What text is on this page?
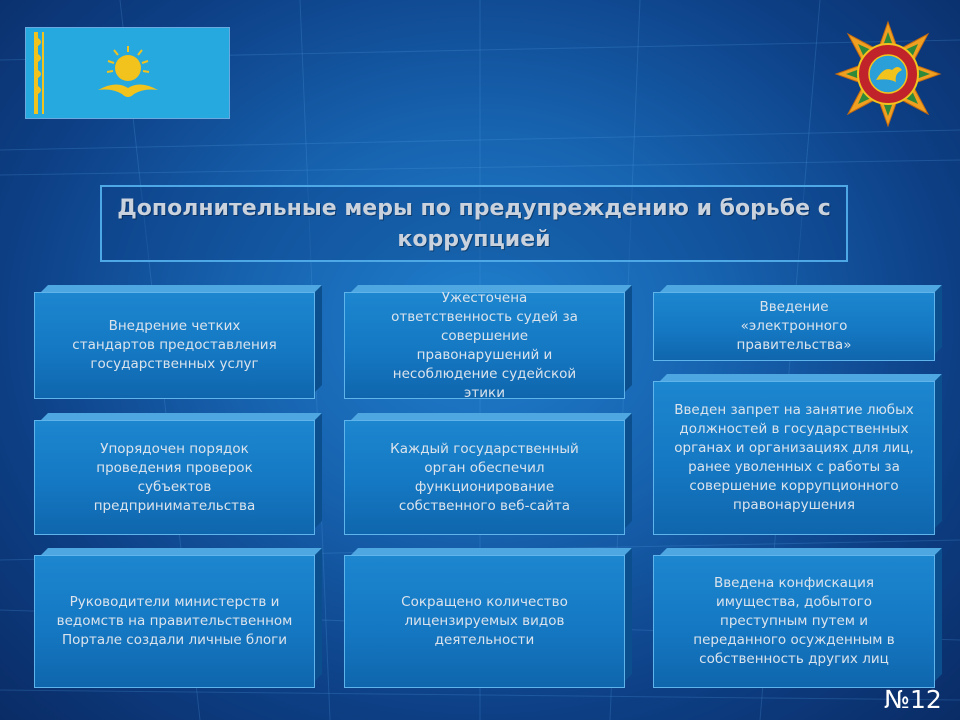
Дополнительные меры по предупреждению и борьбе с коррупцией
Внедрение четких стандартов предоставления государственных услуг
Ужесточена ответственность судей за совершение правонарушений и несоблюдение судейской этики
Введение «электронного правительства»
Упорядочен порядок проведения проверок субъектов предпринимательства
Каждый государственный орган обеспечил функционирование собственного веб-сайта
Введен запрет на занятие любых должностей в государственных органах и организациях для лиц, ранее уволенных с работы за совершение коррупционного правонарушения
Руководители министерств и ведомств на правительственном Портале создали личные блоги
Сокращено количество лицензируемых видов деятельности
Введена конфискация имущества, добытого преступным путем и переданного осужденным в собственность других лиц
№12
